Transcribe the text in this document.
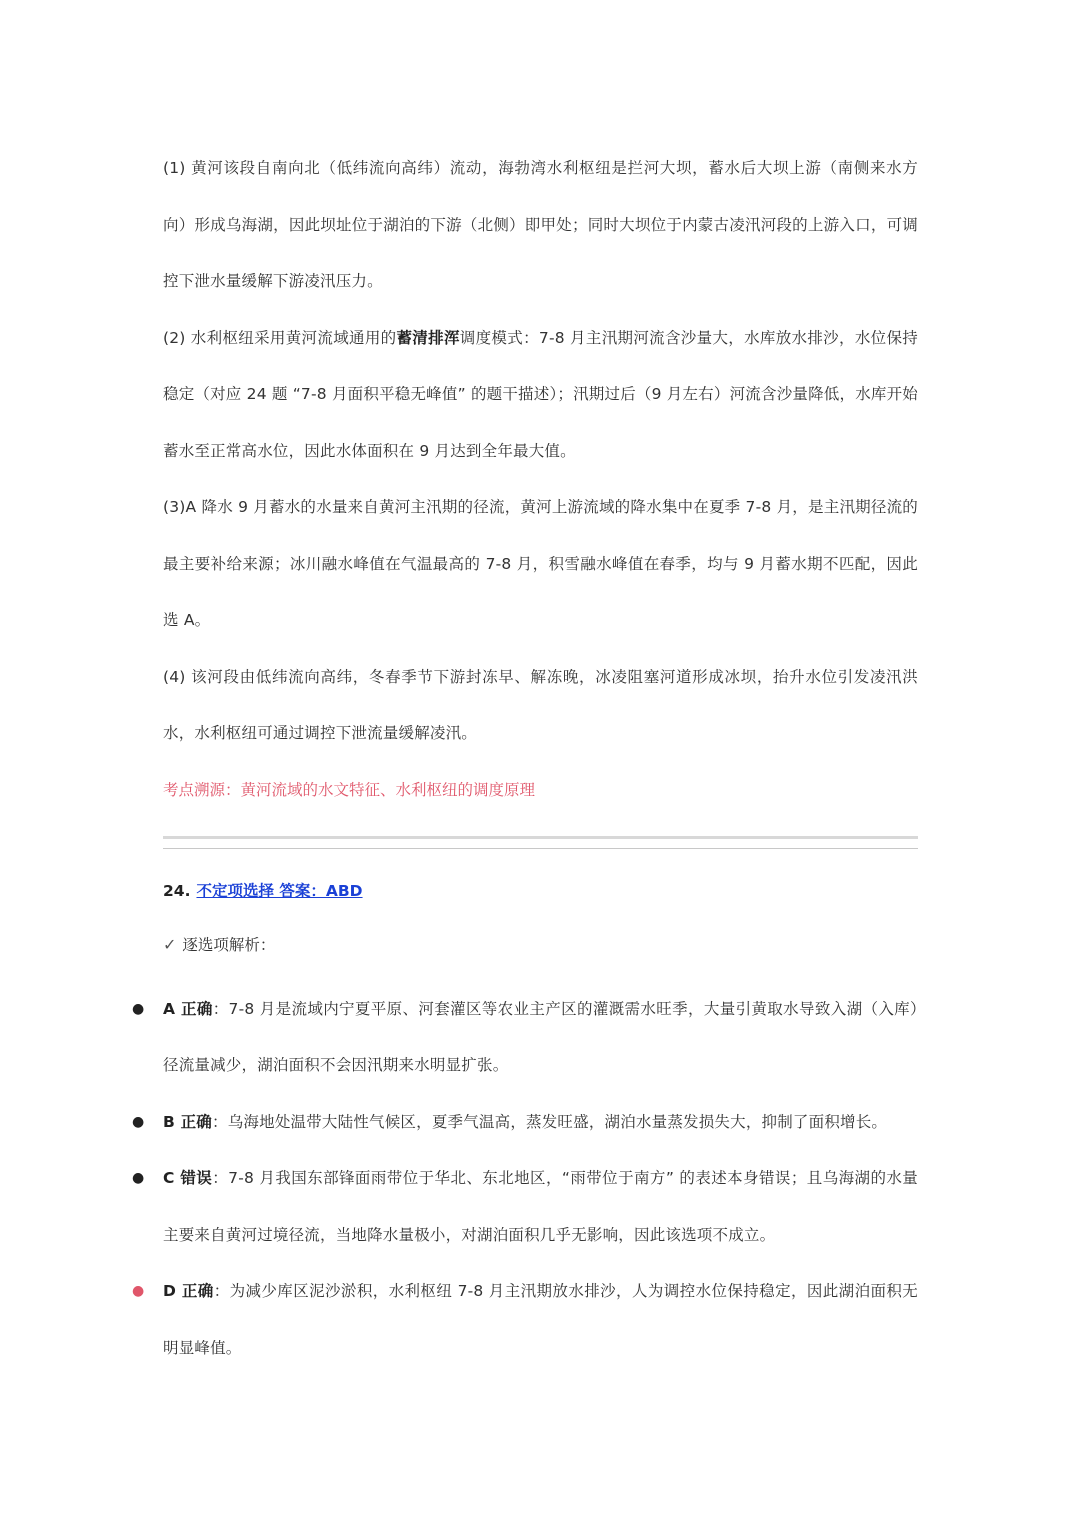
(1) 黄河该段自南向北（低纬流向高纬）流动，海勃湾水利枢纽是拦河大坝，蓄水后大坝上游（南侧来水方向）形成乌海湖，因此坝址位于湖泊的下游（北侧）即甲处；同时大坝位于内蒙古凌汛河段的上游入口，可调控下泄水量缓解下游凌汛压力。

(2) 水利枢纽采用黄河流域通用的蓄清排浑调度模式：7-8 月主汛期河流含沙量大，水库放水排沙，水位保持稳定（对应 24 题 “7-8 月面积平稳无峰值” 的题干描述）；汛期过后（9 月左右）河流含沙量降低，水库开始蓄水至正常高水位，因此水体面积在 9 月达到全年最大值。

(3)A 降水 9 月蓄水的水量来自黄河主汛期的径流，黄河上游流域的降水集中在夏季 7-8 月，是主汛期径流的最主要补给来源；冰川融水峰值在气温最高的 7-8 月，积雪融水峰值在春季，均与 9 月蓄水期不匹配，因此选 A。

(4) 该河段由低纬流向高纬，冬春季节下游封冻早、解冻晚，冰凌阻塞河道形成冰坝，抬升水位引发凌汛洪水，水利枢纽可通过调控下泄流量缓解凌汛。

考点溯源：黄河流域的水文特征、水利枢纽的调度原理

24. 不定项选择 答案：ABD
✓ 逐选项解析：
● A 正确：7-8 月是流域内宁夏平原、河套灌区等农业主产区的灌溉需水旺季，大量引黄取水导致入湖（入库）径流量减少，湖泊面积不会因汛期来水明显扩张。
● B 正确：乌海地处温带大陆性气候区，夏季气温高，蒸发旺盛，湖泊水量蒸发损失大，抑制了面积增长。
● C 错误：7-8 月我国东部锋面雨带位于华北、东北地区，“雨带位于南方” 的表述本身错误；且乌海湖的水量主要来自黄河过境径流，当地降水量极小，对湖泊面积几乎无影响，因此该选项不成立。
● D 正确：为减少库区泥沙淤积，水利枢纽 7-8 月主汛期放水排沙，人为调控水位保持稳定，因此湖泊面积无明显峰值。
